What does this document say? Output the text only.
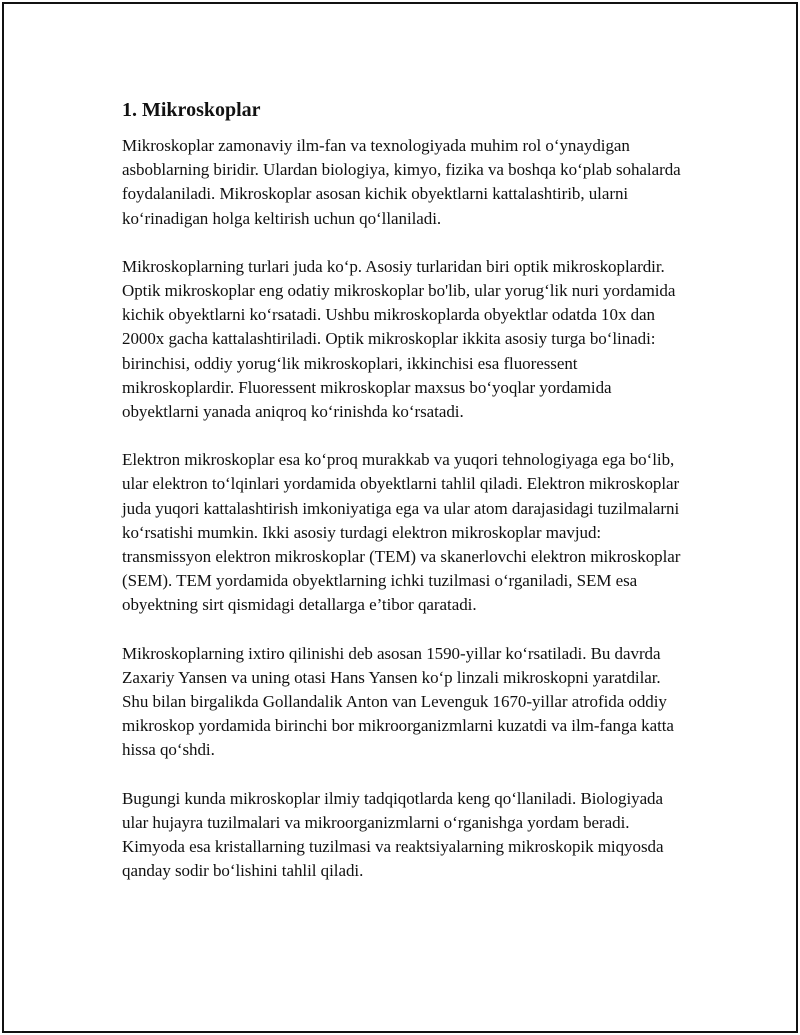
1. Mikroskoplar

Mikroskoplar zamonaviy ilm-fan va texnologiyada muhim rol o‘ynaydigan asboblarning biridir. Ulardan biologiya, kimyo, fizika va boshqa ko‘plab sohalarda foydalaniladi. Mikroskoplar asosan kichik obyektlarni kattalashtirib, ularni ko‘rinadigan holga keltirish uchun qo‘llaniladi.

Mikroskoplarning turlari juda ko‘p. Asosiy turlaridan biri optik mikroskoplardir. Optik mikroskoplar eng odatiy mikroskoplar bo'lib, ular yorug‘lik nuri yordamida kichik obyektlarni ko‘rsatadi. Ushbu mikroskoplarda obyektlar odatda 10x dan 2000x gacha kattalashtiriladi. Optik mikroskoplar ikkita asosiy turga bo‘linadi: birinchisi, oddiy yorug‘lik mikroskoplari, ikkinchisi esa fluoressent mikroskoplardir. Fluoressent mikroskoplar maxsus bo‘yoqlar yordamida obyektlarni yanada aniqroq ko‘rinishda ko‘rsatadi.

Elektron mikroskoplar esa ko‘proq murakkab va yuqori tehnologiyaga ega bo‘lib, ular elektron to‘lqinlari yordamida obyektlarni tahlil qiladi. Elektron mikroskoplar juda yuqori kattalashtirish imkoniyatiga ega va ular atom darajasidagi tuzilmalarni ko‘rsatishi mumkin. Ikki asosiy turdagi elektron mikroskoplar mavjud: transmissyon elektron mikroskoplar (TEM) va skanerlovchi elektron mikroskoplar (SEM). TEM yordamida obyektlarning ichki tuzilmasi o‘rganiladi, SEM esa obyektning sirt qismidagi detallarga e’tibor qaratadi.

Mikroskoplarning ixtiro qilinishi deb asosan 1590-yillar ko‘rsatiladi. Bu davrda Zaxariy Yansen va uning otasi Hans Yansen ko‘p linzali mikroskopni yaratdilar. Shu bilan birgalikda Gollandalik Anton van Levenguk 1670-yillar atrofida oddiy mikroskop yordamida birinchi bor mikroorganizmlarni kuzatdi va ilm-fanga katta hissa qo‘shdi.

Bugungi kunda mikroskoplar ilmiy tadqiqotlarda keng qo‘llaniladi. Biologiyada ular hujayra tuzilmalari va mikroorganizmlarni o‘rganishga yordam beradi. Kimyoda esa kristallarning tuzilmasi va reaktsiyalarning mikroskopik miqyosda qanday sodir bo‘lishini tahlil qiladi.
